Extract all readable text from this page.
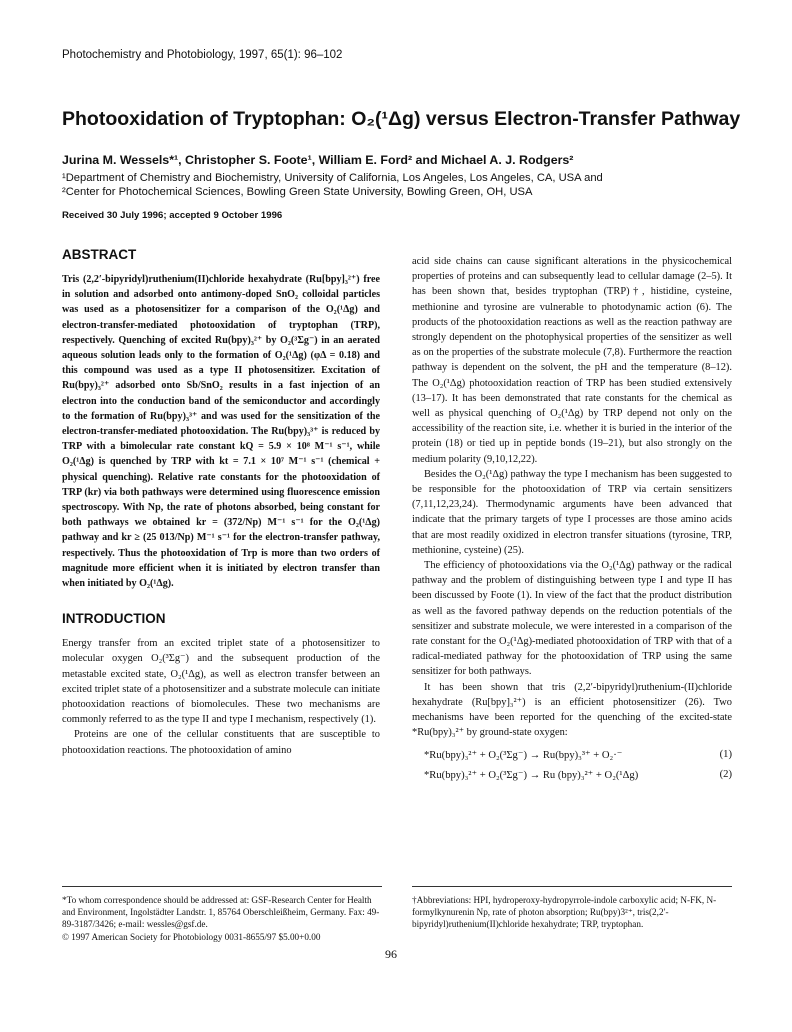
Photochemistry and Photobiology, 1997, 65(1): 96–102
Photooxidation of Tryptophan: O₂(¹Δg) versus Electron-Transfer Pathway
Jurina M. Wessels*¹, Christopher S. Foote¹, William E. Ford² and Michael A. J. Rodgers²
¹Department of Chemistry and Biochemistry, University of California, Los Angeles, Los Angeles, CA, USA and
²Center for Photochemical Sciences, Bowling Green State University, Bowling Green, OH, USA
Received 30 July 1996; accepted 9 October 1996
ABSTRACT

Tris (2,2′-bipyridyl)ruthenium(II)chloride hexahydrate (Ru[bpy]₃²⁺) free in solution and adsorbed onto antimony-doped SnO₂ colloidal particles was used as a photosensitizer for a comparison of the O₂(¹Δg) and electron-transfer-mediated photooxidation of tryptophan (TRP), respectively. Quenching of excited Ru(bpy)₃²⁺ by O₂(³Σg⁻) in an aerated aqueous solution leads only to the formation of O₂(¹Δg) (φΔ = 0.18) and this compound was used as a type II photosensitizer. Excitation of Ru(bpy)₃²⁺ adsorbed onto Sb/SnO₂ results in a fast injection of an electron into the conduction band of the semiconductor and accordingly to the formation of Ru(bpy)₃³⁺ and was used for the sensitization of the electron-transfer-mediated photooxidation. The Ru(bpy)₃³⁺ is reduced by TRP with a bimolecular rate constant kQ = 5.9 × 10⁸ M⁻¹ s⁻¹, while O₂(¹Δg) is quenched by TRP with kt = 7.1 × 10⁷ M⁻¹ s⁻¹ (chemical + physical quenching). Relative rate constants for the photooxidation of TRP (kr) via both pathways were determined using fluorescence emission spectroscopy. With Np, the rate of photons absorbed, being constant for both pathways we obtained kr = (372/Np) M⁻¹ s⁻¹ for the O₂(¹Δg) pathway and kr ≥ (25 013/Np) M⁻¹ s⁻¹ for the electron-transfer pathway, respectively. Thus the photooxidation of Trp is more than two orders of magnitude more efficient when it is initiated by electron transfer than when initiated by O₂(¹Δg).

INTRODUCTION

Energy transfer from an excited triplet state of a photosensitizer to molecular oxygen O₂(³Σg⁻) and the subsequent production of the metastable excited state, O₂(¹Δg), as well as electron transfer between an excited triplet state of a photosensitizer and a substrate molecule can initiate photooxidation reactions of biomolecules. These two mechanisms are commonly referred to as the type II and type I mechanism, respectively (1).

Proteins are one of the cellular constituents that are susceptible to photooxidation reactions. The photooxidation of amino

acid side chains can cause significant alterations in the physicochemical properties of proteins and can subsequently lead to cellular damage (2–5). It has been shown that, besides tryptophan (TRP)†, histidine, cysteine, methionine and tyrosine are vulnerable to photodynamic action (6). The products of the photooxidation reactions as well as the reaction pathway are strongly dependent on the photophysical properties of the sensitizer as well as on the properties of the substrate molecule (7,8). Furthermore the reaction pathway is dependent on the solvent, the pH and the temperature (8–12). The O₂(¹Δg) photooxidation reaction of TRP has been studied extensively (13–17). It has been demonstrated that rate constants for the chemical as well as physical quenching of O₂(¹Δg) by TRP depend not only on the accessibility of the reaction site, i.e. whether it is buried in the interior of the protein (18) or tied up in peptide bonds (19–21), but also strongly on the medium polarity (9,10,12,22).

Besides the O₂(¹Δg) pathway the type I mechanism has been suggested to be responsible for the photooxidation of TRP via certain sensitizers (7,11,12,23,24). Thermodynamic arguments have been advanced that indicate that the primary targets of type I processes are those amino acids that are most readily oxidized in electron transfer situations (tyrosine, TRP, methionine, cysteine) (25).

The efficiency of photooxidations via the O₂(¹Δg) pathway or the radical pathway and the problem of distinguishing between type I and type II has been discussed by Foote (1). In view of the fact that the product distribution as well as the favored pathway depends on the reduction potentials of the sensitizer and substrate molecule, we were interested in a comparison of the rate constant for the O₂(¹Δg)-mediated photooxidation of TRP with that of a radical-mediated pathway for the photooxidation of TRP using the same sensitizer for both pathways.

It has been shown that tris (2,2′-bipyridyl)ruthenium-(II)chloride hexahydrate (Ru[bpy]₃²⁺) is an efficient photosensitizer (26). Two mechanisms have been reported for the quenching of the excited-state *Ru(bpy)₃²⁺ by ground-state oxygen:

*Ru(bpy)₃²⁺ + O₂(³Σg⁻) → Ru(bpy)₃³⁺ + O₂·⁻	(1)
*Ru(bpy)₃²⁺ + O₂(³Σg⁻) → Ru (bpy)₃²⁺ + O₂(¹Δg)	(2)
*To whom correspondence should be addressed at: GSF-Research Center for Health and Environment, Ingolstädter Landstr. 1, 85764 Oberschleißheim, Germany. Fax: 49-89-3187/3426; e-mail: wessles@gsf.de.
© 1997 American Society for Photobiology 0031-8655/97 $5.00+0.00
†Abbreviations: HPI, hydroperoxy-hydropyrrole-indole carboxylic acid; N-FK, N-formylkynurenin Np, rate of photon absorption; Ru(bpy)3²⁺, tris(2,2′-bipyridyl)ruthenium(II)chloride hexahydrate; TRP, tryptophan.
96
